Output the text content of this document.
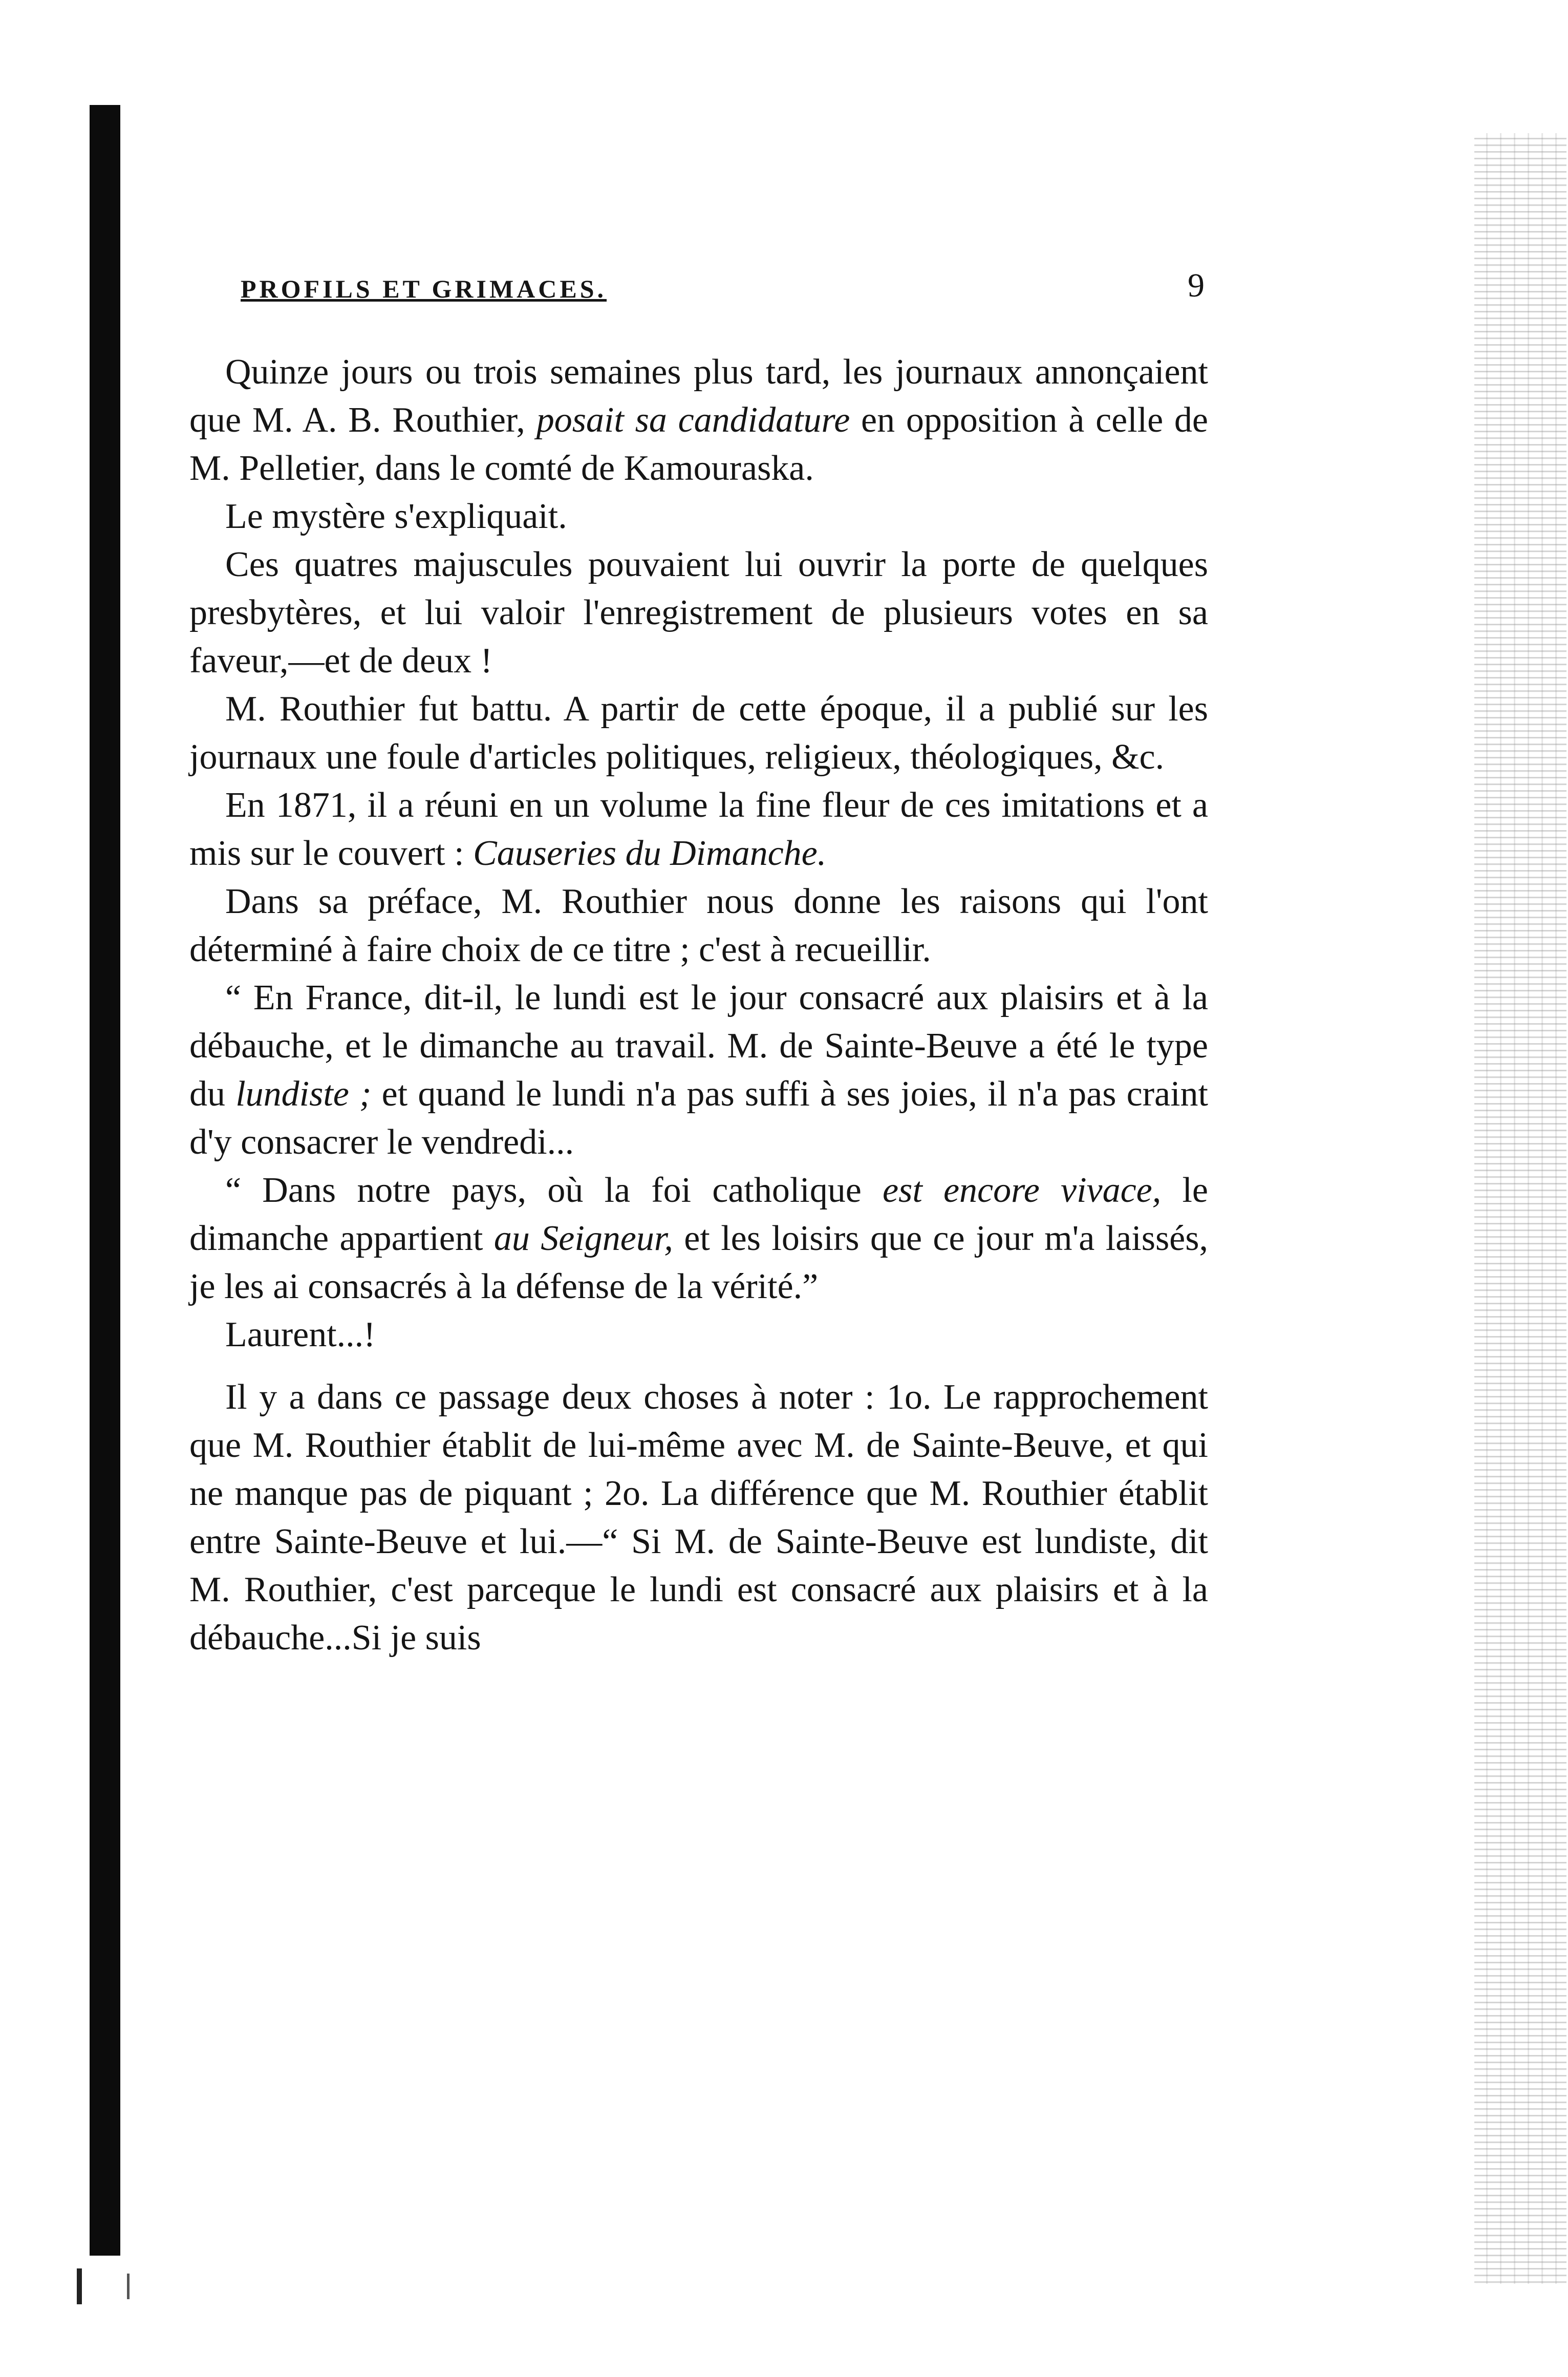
PROFILS ET GRIMACES.	9

Quinze jours ou trois semaines plus tard, les journaux annonçaient que M. A. B. Routhier, posait sa candidature en opposition à celle de M. Pelletier, dans le comté de Kamouraska.

Le mystère s'expliquait.

Ces quatres majuscules pouvaient lui ouvrir la porte de quelques presbytères, et lui valoir l'enregistrement de plusieurs votes en sa faveur,—et de deux !

M. Routhier fut battu. A partir de cette époque, il a publié sur les journaux une foule d'articles politiques, religieux, théologiques, &c.

En 1871, il a réuni en un volume la fine fleur de ces imitations et a mis sur le couvert : Causeries du Dimanche.

Dans sa préface, M. Routhier nous donne les raisons qui l'ont déterminé à faire choix de ce titre ; c'est à recueillir.

“ En France, dit-il, le lundi est le jour consacré aux plaisirs et à la débauche, et le dimanche au travail. M. de Sainte-Beuve a été le type du lundiste ; et quand le lundi n'a pas suffi à ses joies, il n'a pas craint d'y consacrer le vendredi...

“ Dans notre pays, où la foi catholique est encore vivace, le dimanche appartient au Seigneur, et les loisirs que ce jour m'a laissés, je les ai consacrés à la défense de la vérité.”

Laurent...!

Il y a dans ce passage deux choses à noter : 1o. Le rapprochement que M. Routhier établit de lui-même avec M. de Sainte-Beuve, et qui ne manque pas de piquant ; 2o. La différence que M. Routhier établit entre Sainte-Beuve et lui.—“ Si M. de Sainte-Beuve est lundiste, dit M. Routhier, c'est parceque le lundi est consacré aux plaisirs et à la débauche...Si je suis
